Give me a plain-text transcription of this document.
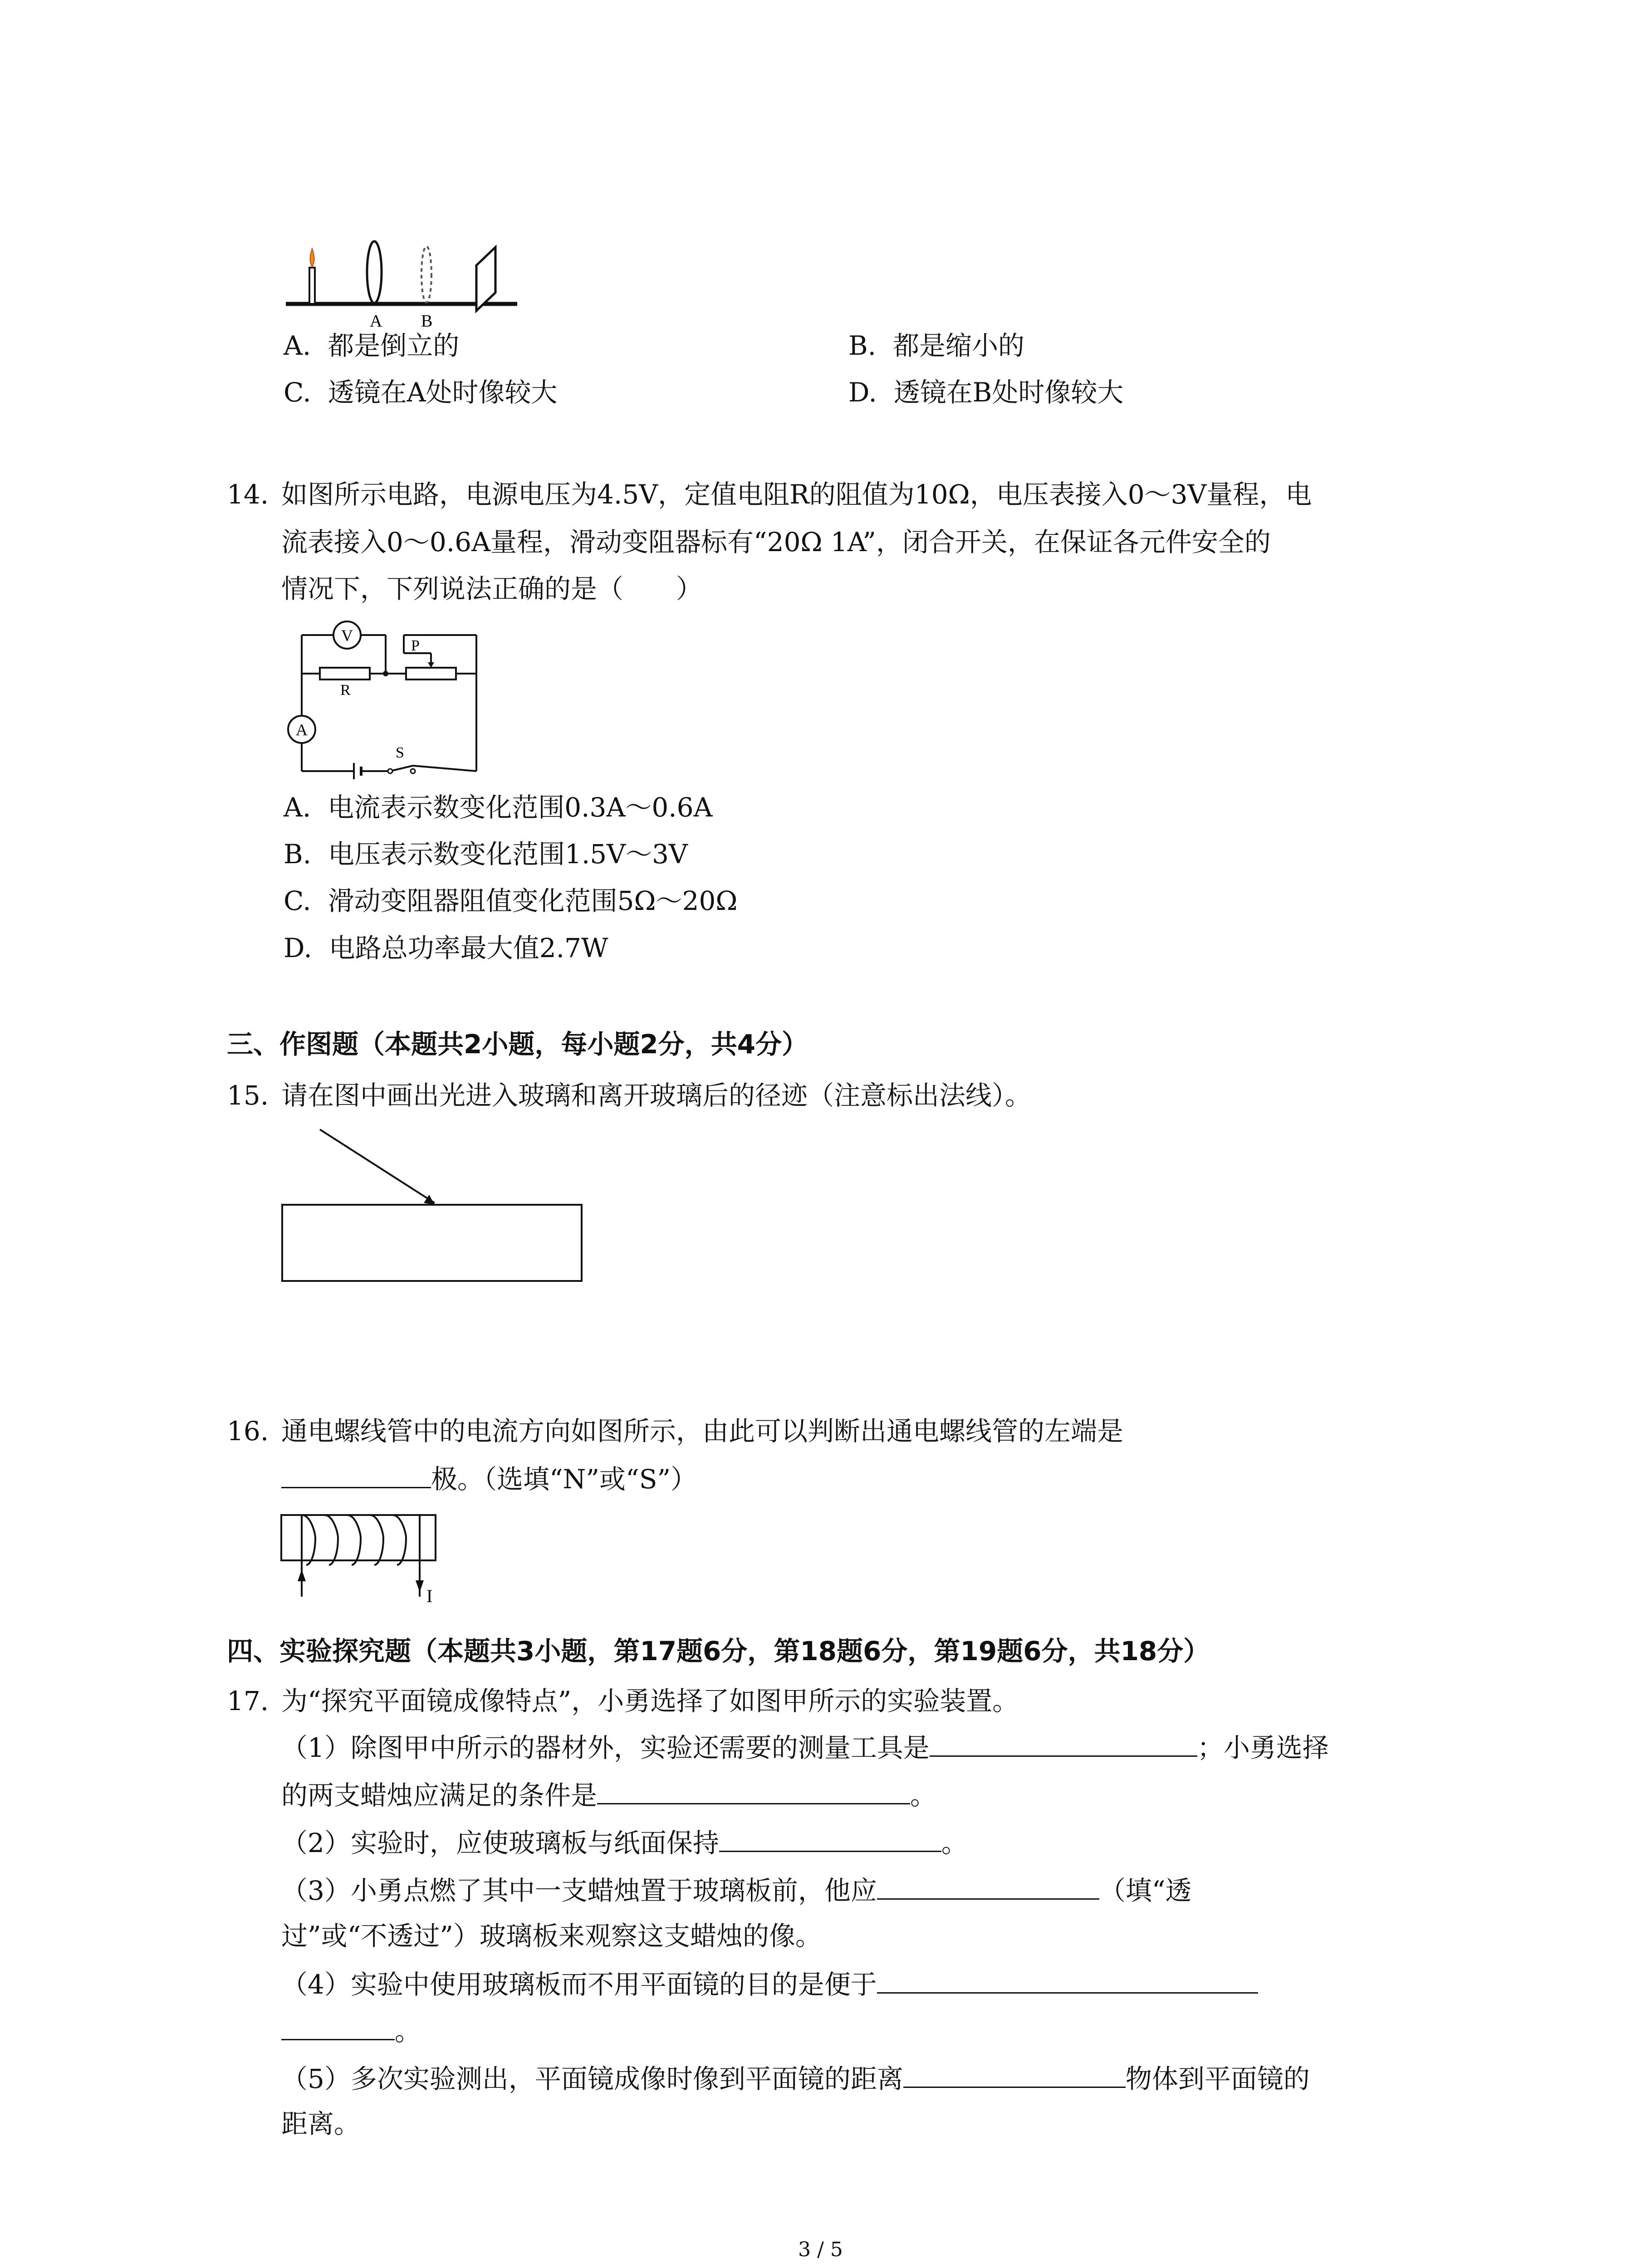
A B
A. 都是倒立的	B. 都是缩小的
C. 透镜在A处时像较大	D. 透镜在B处时像较大
14. 如图所示电路，电源电压为4.5V，定值电阻R的阻值为10Ω，电压表接入0～3V量程，电
流表接入0～0.6A量程，滑动变阻器标有“20Ω 1A”，闭合开关，在保证各元件安全的
情况下，下列说法正确的是（　　）
V
A
R
P
S
A. 电流表示数变化范围0.3A～0.6A
B. 电压表示数变化范围1.5V～3V
C. 滑动变阻器阻值变化范围5Ω～20Ω
D. 电路总功率最大值2.7W
三、作图题（本题共2小题，每小题2分，共4分）
15. 请在图中画出光进入玻璃和离开玻璃后的径迹（注意标出法线）。
16. 通电螺线管中的电流方向如图所示，由此可以判断出通电螺线管的左端是
极。（选填“N”或“S”）
I
四、实验探究题（本题共3小题，第17题6分，第18题6分，第19题6分，共18分）
17. 为“探究平面镜成像特点”，小勇选择了如图甲所示的实验装置。
（1）除图甲中所示的器材外，实验还需要的测量工具是	；小勇选择
的两支蜡烛应满足的条件是	。
（2）实验时，应使玻璃板与纸面保持	。
（3）小勇点燃了其中一支蜡烛置于玻璃板前，他应	（填“透
过”或“不透过”）玻璃板来观察这支蜡烛的像。
（4）实验中使用玻璃板而不用平面镜的目的是便于
。
（5）多次实验测出，平面镜成像时像到平面镜的距离	物体到平面镜的
距离。
3 / 5
